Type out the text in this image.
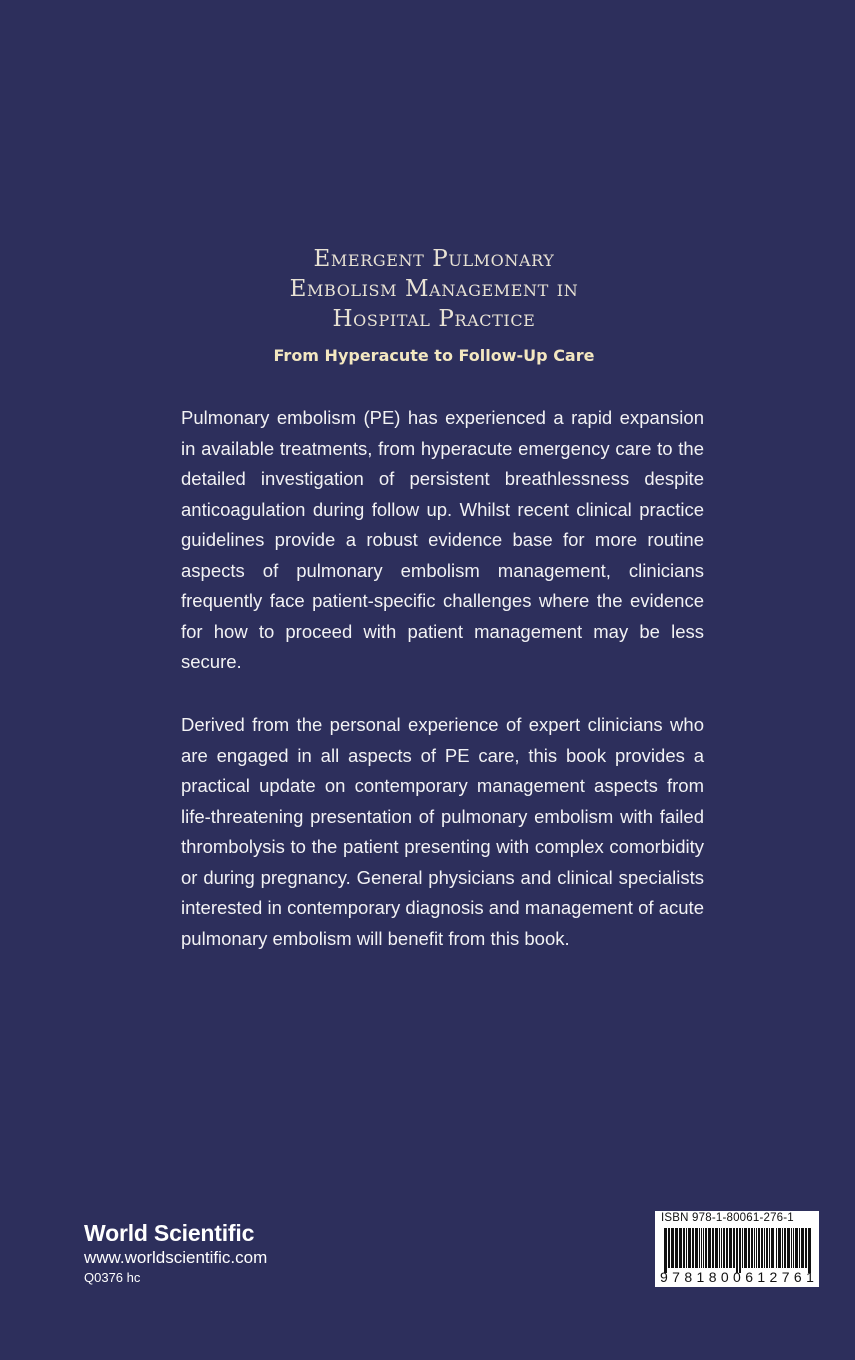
Emergent Pulmonary
Embolism Management in
Hospital Practice
From Hyperacute to Follow-Up Care

Pulmonary embolism (PE) has experienced a rapid expansion in available treatments, from hyperacute emergency care to the detailed investigation of persistent breathlessness despite anticoagulation during follow up. Whilst recent clinical practice guidelines provide a robust evidence base for more routine aspects of pulmonary embolism management, clinicians frequently face patient-specific challenges where the evidence for how to proceed with patient management may be less secure.

Derived from the personal experience of expert clinicians who are engaged in all aspects of PE care, this book provides a practical update on contemporary management aspects from life-threatening presentation of pulmonary embolism with failed thrombolysis to the patient presenting with complex comorbidity or during pregnancy. General physicians and clinical specialists interested in contemporary diagnosis and management of acute pulmonary embolism will benefit from this book.

World Scientific
www.worldscientific.com
Q0376 hc
ISBN 978-1-80061-276-1
9 7 8 1 8 0 0 6 1 2 7 6 1
